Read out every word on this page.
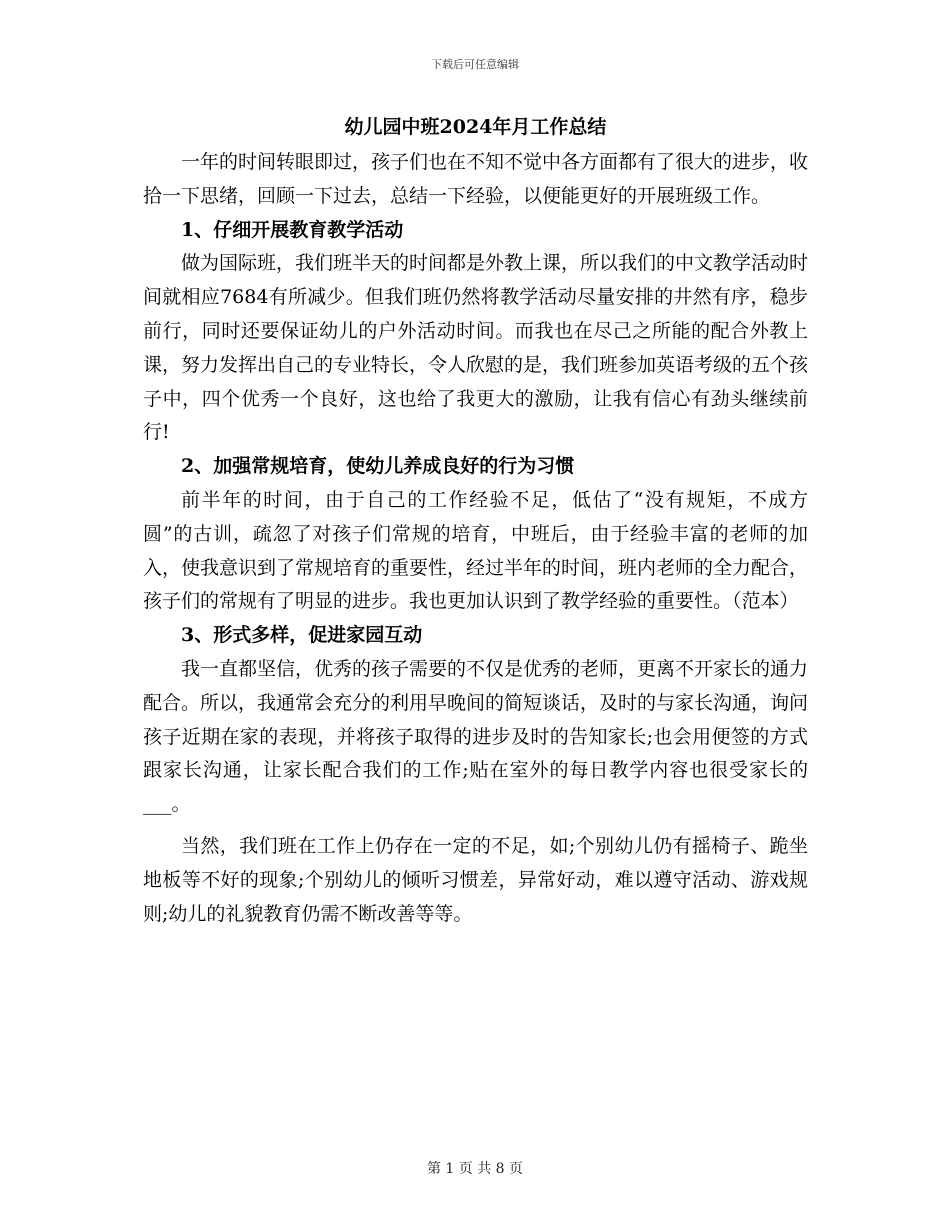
下载后可任意编辑
幼儿园中班2024年月工作总结

一年的时间转眼即过，孩子们也在不知不觉中各方面都有了很大的进步，收拾一下思绪，回顾一下过去，总结一下经验，以便能更好的开展班级工作。

1、仔细开展教育教学活动

做为国际班，我们班半天的时间都是外教上课，所以我们的中文教学活动时间就相应7684有所减少。但我们班仍然将教学活动尽量安排的井然有序，稳步前行，同时还要保证幼儿的户外活动时间。而我也在尽己之所能的配合外教上课，努力发挥出自己的专业特长，令人欣慰的是，我们班参加英语考级的五个孩子中，四个优秀一个良好，这也给了我更大的激励，让我有信心有劲头继续前行!

2、加强常规培育，使幼儿养成良好的行为习惯

前半年的时间，由于自己的工作经验不足，低估了“没有规矩，不成方圆”的古训，疏忽了对孩子们常规的培育，中班后，由于经验丰富的老师的加入，使我意识到了常规培育的重要性，经过半年的时间，班内老师的全力配合，孩子们的常规有了明显的进步。我也更加认识到了教学经验的重要性。（范本）

3、形式多样，促进家园互动

我一直都坚信，优秀的孩子需要的不仅是优秀的老师，更离不开家长的通力配合。所以，我通常会充分的利用早晚间的简短谈话，及时的与家长沟通，询问孩子近期在家的表现，并将孩子取得的进步及时的告知家长;也会用便签的方式跟家长沟通，让家长配合我们的工作;贴在室外的每日教学内容也很受家长的___。

当然，我们班在工作上仍存在一定的不足，如;个别幼儿仍有摇椅子、跪坐地板等不好的现象;个别幼儿的倾听习惯差，异常好动，难以遵守活动、游戏规则;幼儿的礼貌教育仍需不断改善等等。

第 1 页 共 8 页
